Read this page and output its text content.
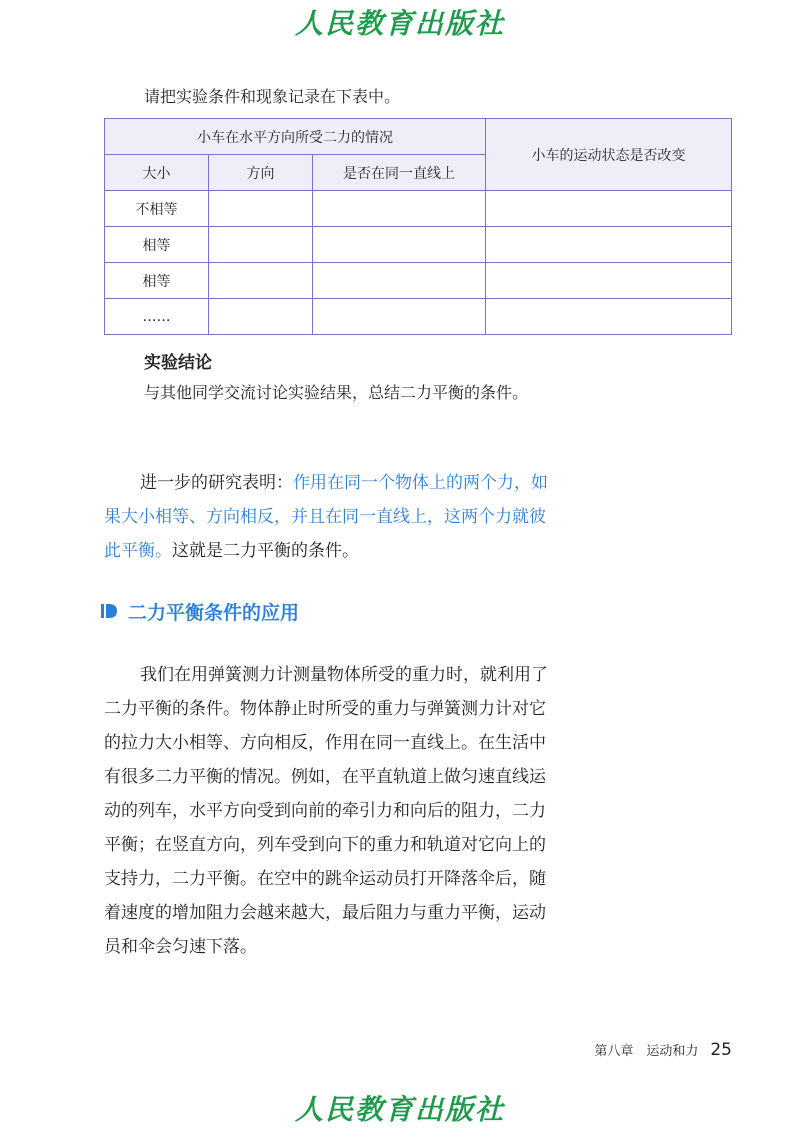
人民教育出版社
请把实验条件和现象记录在下表中。
小车在水平方向所受二力的情况			小车的运动状态是否改变
大小	方向	是否在同一直线上	
不相等			
相等			
相等			
……			
实验结论
与其他同学交流讨论实验结果，总结二力平衡的条件。

进一步的研究表明：作用在同一个物体上的两个力，如果大小相等、方向相反，并且在同一直线上，这两个力就彼此平衡。这就是二力平衡的条件。

二力平衡条件的应用

我们在用弹簧测力计测量物体所受的重力时，就利用了二力平衡的条件。物体静止时所受的重力与弹簧测力计对它的拉力大小相等、方向相反，作用在同一直线上。在生活中有很多二力平衡的情况。例如，在平直轨道上做匀速直线运动的列车，水平方向受到向前的牵引力和向后的阻力，二力平衡；在竖直方向，列车受到向下的重力和轨道对它向上的支持力，二力平衡。在空中的跳伞运动员打开降落伞后，随着速度的增加阻力会越来越大，最后阻力与重力平衡，运动员和伞会匀速下落。

第八章　运动和力 25
人民教育出版社
